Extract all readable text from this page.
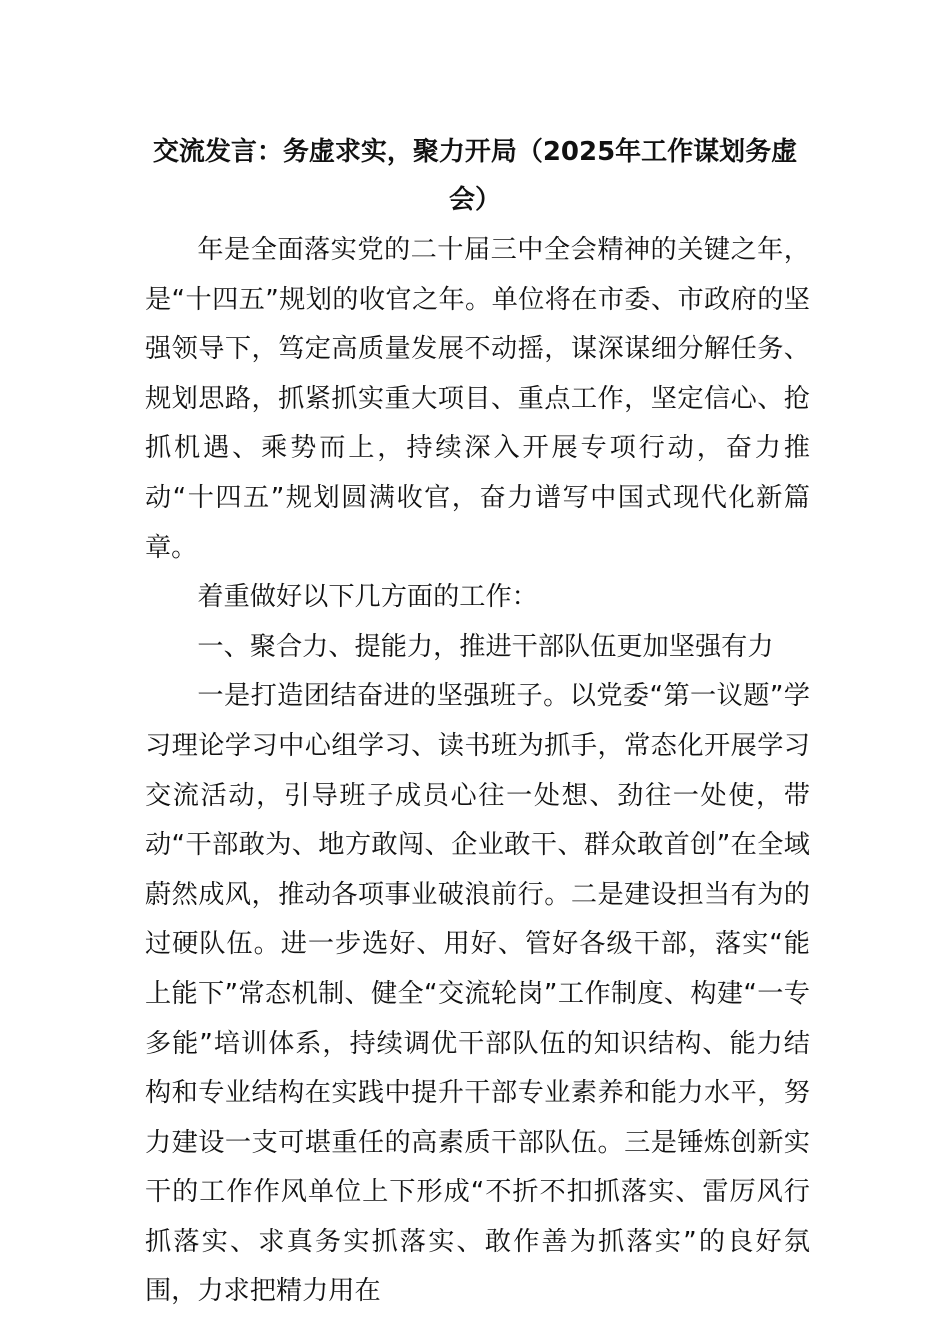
交流发言：务虚求实，聚力开局（2025年工作谋划务虚会）

年是全面落实党的二十届三中全会精神的关键之年，是“十四五”规划的收官之年。单位将在市委、市政府的坚强领导下，笃定高质量发展不动摇，谋深谋细分解任务、规划思路，抓紧抓实重大项目、重点工作，坚定信心、抢抓机遇、乘势而上，持续深入开展专项行动，奋力推动“十四五”规划圆满收官，奋力谱写中国式现代化新篇章。

着重做好以下几方面的工作：

一、聚合力、提能力，推进干部队伍更加坚强有力

一是打造团结奋进的坚强班子。以党委“第一议题”学习理论学习中心组学习、读书班为抓手，常态化开展学习交流活动，引导班子成员心往一处想、劲往一处使，带动“干部敢为、地方敢闯、企业敢干、群众敢首创”在全域蔚然成风，推动各项事业破浪前行。二是建设担当有为的过硬队伍。进一步选好、用好、管好各级干部，落实“能上能下”常态机制、健全“交流轮岗”工作制度、构建“一专多能”培训体系，持续调优干部队伍的知识结构、能力结构和专业结构在实践中提升干部专业素养和能力水平，努力建设一支可堪重任的高素质干部队伍。三是锤炼创新实干的工作作风单位上下形成“不折不扣抓落实、雷厉风行抓落实、求真务实抓落实、敢作善为抓落实”的良好氛围，力求把精力用在
